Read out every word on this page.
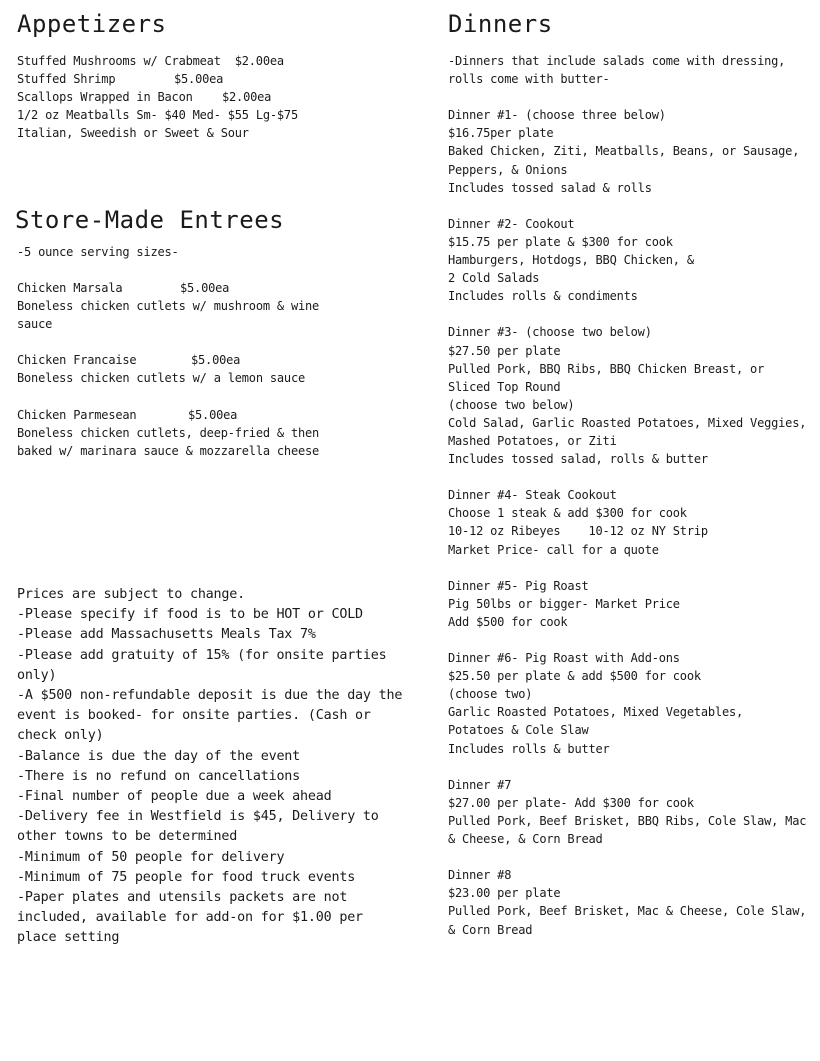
Appetizers
Stuffed Mushrooms w/ Crabmeat $2.00ea
Stuffed Shrimp	$5.00ea
Scallops Wrapped in Bacon $2.00ea
1/2 oz Meatballs Sm- $40 Med- $55 Lg-$75
Italian, Sweedish or Sweet & Sour
Store-Made Entrees
-5 ounce serving sizes-
Chicken Marsala	$5.00ea
Boneless chicken cutlets w/ mushroom & wine
sauce
Chicken Francaise	$5.00ea
Boneless chicken cutlets w/ a lemon sauce
Chicken Parmesean	$5.00ea
Boneless chicken cutlets, deep-fried & then
baked w/ marinara sauce & mozzarella cheese
Prices are subject to change.
-Please specify if food is to be HOT or COLD
-Please add Massachusetts Meals Tax 7%
-Please add gratuity of 15% (for onsite parties
only)
-A $500 non-refundable deposit is due the day the
event is booked- for onsite parties. (Cash or
check only)
-Balance is due the day of the event
-There is no refund on cancellations
-Final number of people due a week ahead
-Delivery fee in Westfield is $45, Delivery to
other towns to be determined
-Minimum of 50 people for delivery
-Minimum of 75 people for food truck events
-Paper plates and utensils packets are not
included, available for add-on for $1.00 per
place setting
Dinners
-Dinners that include salads come with dressing,
rolls come with butter-
Dinner #1- (choose three below)
$16.75per plate
Baked Chicken, Ziti, Meatballs, Beans, or Sausage,
Peppers, & Onions
Includes tossed salad & rolls
Dinner #2- Cookout
$15.75 per plate & $300 for cook
Hamburgers, Hotdogs, BBQ Chicken, &
2 Cold Salads
Includes rolls & condiments
Dinner #3- (choose two below)
$27.50 per plate
Pulled Pork, BBQ Ribs, BBQ Chicken Breast, or
Sliced Top Round
(choose two below)
Cold Salad, Garlic Roasted Potatoes, Mixed Veggies,
Mashed Potatoes, or Ziti
Includes tossed salad, rolls & butter
Dinner #4- Steak Cookout
Choose 1 steak & add $300 for cook
10-12 oz Ribeyes    10-12 oz NY Strip
Market Price- call for a quote
Dinner #5- Pig Roast
Pig 50lbs or bigger- Market Price
Add $500 for cook
Dinner #6- Pig Roast with Add-ons
$25.50 per plate & add $500 for cook
(choose two)
Garlic Roasted Potatoes, Mixed Vegetables,
Potatoes & Cole Slaw
Includes rolls & butter
Dinner #7
$27.00 per plate- Add $300 for cook
Pulled Pork, Beef Brisket, BBQ Ribs, Cole Slaw, Mac
& Cheese, & Corn Bread
Dinner #8
$23.00 per plate
Pulled Pork, Beef Brisket, Mac & Cheese, Cole Slaw,
& Corn Bread
